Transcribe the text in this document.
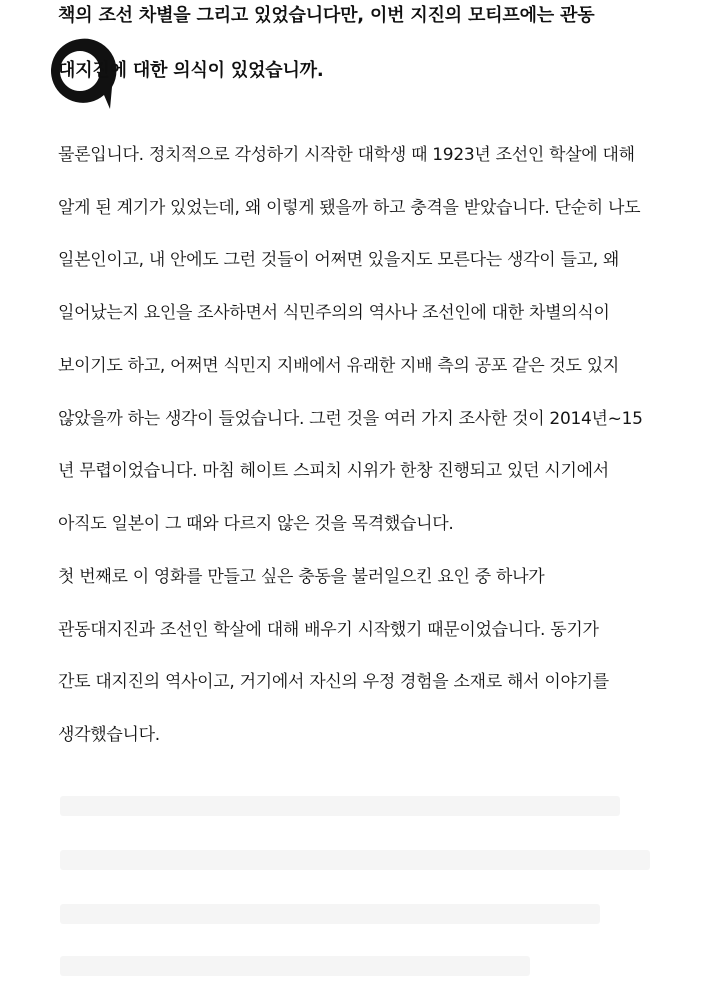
책의 조선 차별을 그리고 있었습니다만, 이번 지진의 모티프에는 관동
대지진에 대한 의식이 있었습니까.
물론입니다. 정치적으로 각성하기 시작한 대학생 때 1923년 조선인 학살에 대해
알게 된 계기가 있었는데, 왜 이렇게 됐을까 하고 충격을 받았습니다. 단순히 나도
일본인이고, 내 안에도 그런 것들이 어쩌면 있을지도 모른다는 생각이 들고, 왜
일어났는지 요인을 조사하면서 식민주의의 역사나 조선인에 대한 차별의식이
보이기도 하고, 어쩌면 식민지 지배에서 유래한 지배 측의 공포 같은 것도 있지
않았을까 하는 생각이 들었습니다. 그런 것을 여러 가지 조사한 것이 2014년~15
년 무렵이었습니다. 마침 헤이트 스피치 시위가 한창 진행되고 있던 시기에서
아직도 일본이 그 때와 다르지 않은 것을 목격했습니다.
첫 번째로 이 영화를 만들고 싶은 충동을 불러일으킨 요인 중 하나가
관동대지진과 조선인 학살에 대해 배우기 시작했기 때문이었습니다. 동기가
간토 대지진의 역사이고, 거기에서 자신의 우정 경험을 소재로 해서 이야기를
생각했습니다.
